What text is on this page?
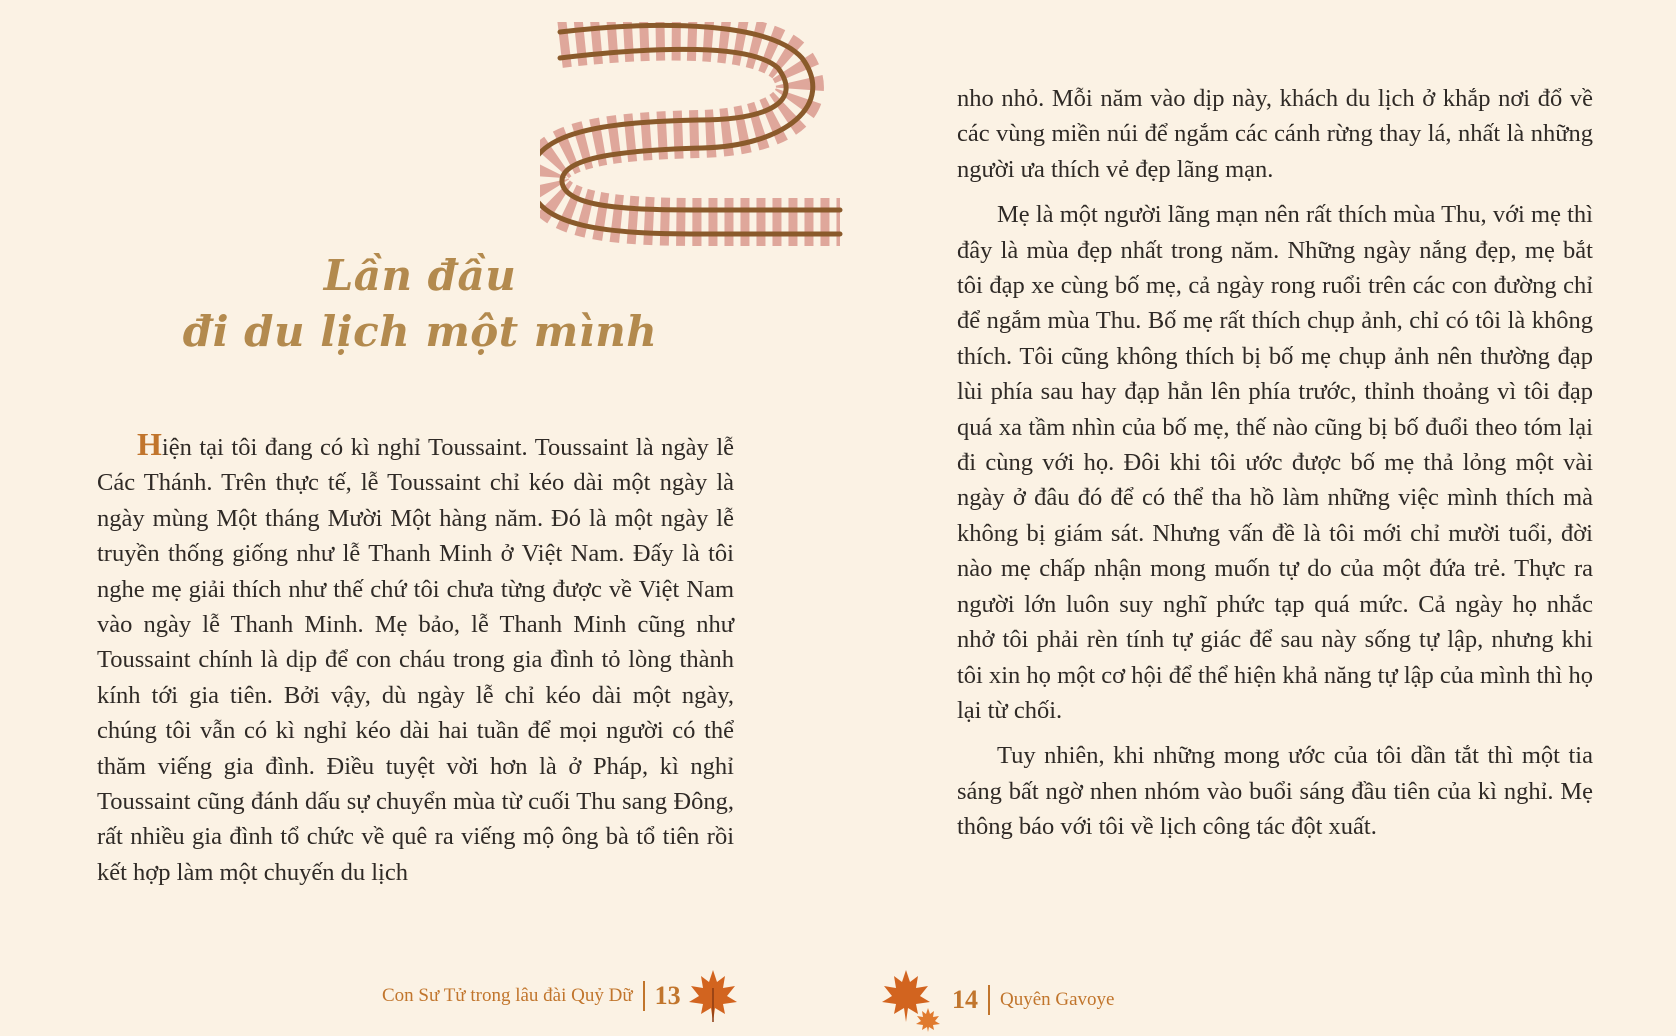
Lần đầu
đi du lịch một mình

Hiện tại tôi đang có kì nghỉ Toussaint. Toussaint là ngày lễ Các Thánh. Trên thực tế, lễ Toussaint chỉ kéo dài một ngày là ngày mùng Một tháng Mười Một hàng năm. Đó là một ngày lễ truyền thống giống như lễ Thanh Minh ở Việt Nam. Đấy là tôi nghe mẹ giải thích như thế chứ tôi chưa từng được về Việt Nam vào ngày lễ Thanh Minh. Mẹ bảo, lễ Thanh Minh cũng như Toussaint chính là dịp để con cháu trong gia đình tỏ lòng thành kính tới gia tiên. Bởi vậy, dù ngày lễ chỉ kéo dài một ngày, chúng tôi vẫn có kì nghỉ kéo dài hai tuần để mọi người có thể thăm viếng gia đình. Điều tuyệt vời hơn là ở Pháp, kì nghỉ Toussaint cũng đánh dấu sự chuyển mùa từ cuối Thu sang Đông, rất nhiều gia đình tổ chức về quê ra viếng mộ ông bà tổ tiên rồi kết hợp làm một chuyến du lịch

nho nhỏ. Mỗi năm vào dịp này, khách du lịch ở khắp nơi đổ về các vùng miền núi để ngắm các cánh rừng thay lá, nhất là những người ưa thích vẻ đẹp lãng mạn.

Mẹ là một người lãng mạn nên rất thích mùa Thu, với mẹ thì đây là mùa đẹp nhất trong năm. Những ngày nắng đẹp, mẹ bắt tôi đạp xe cùng bố mẹ, cả ngày rong ruổi trên các con đường chỉ để ngắm mùa Thu. Bố mẹ rất thích chụp ảnh, chỉ có tôi là không thích. Tôi cũng không thích bị bố mẹ chụp ảnh nên thường đạp lùi phía sau hay đạp hẳn lên phía trước, thỉnh thoảng vì tôi đạp quá xa tầm nhìn của bố mẹ, thế nào cũng bị bố đuổi theo tóm lại đi cùng với họ. Đôi khi tôi ước được bố mẹ thả lỏng một vài ngày ở đâu đó để có thể tha hồ làm những việc mình thích mà không bị giám sát. Nhưng vấn đề là tôi mới chỉ mười tuổi, đời nào mẹ chấp nhận mong muốn tự do của một đứa trẻ. Thực ra người lớn luôn suy nghĩ phức tạp quá mức. Cả ngày họ nhắc nhở tôi phải rèn tính tự giác để sau này sống tự lập, nhưng khi tôi xin họ một cơ hội để thể hiện khả năng tự lập của mình thì họ lại từ chối.

Tuy nhiên, khi những mong ước của tôi dần tắt thì một tia sáng bất ngờ nhen nhóm vào buổi sáng đầu tiên của kì nghỉ. Mẹ thông báo với tôi về lịch công tác đột xuất.

Con Sư Tử trong lâu đài Quỷ Dữ 13	14 Quyên Gavoye
